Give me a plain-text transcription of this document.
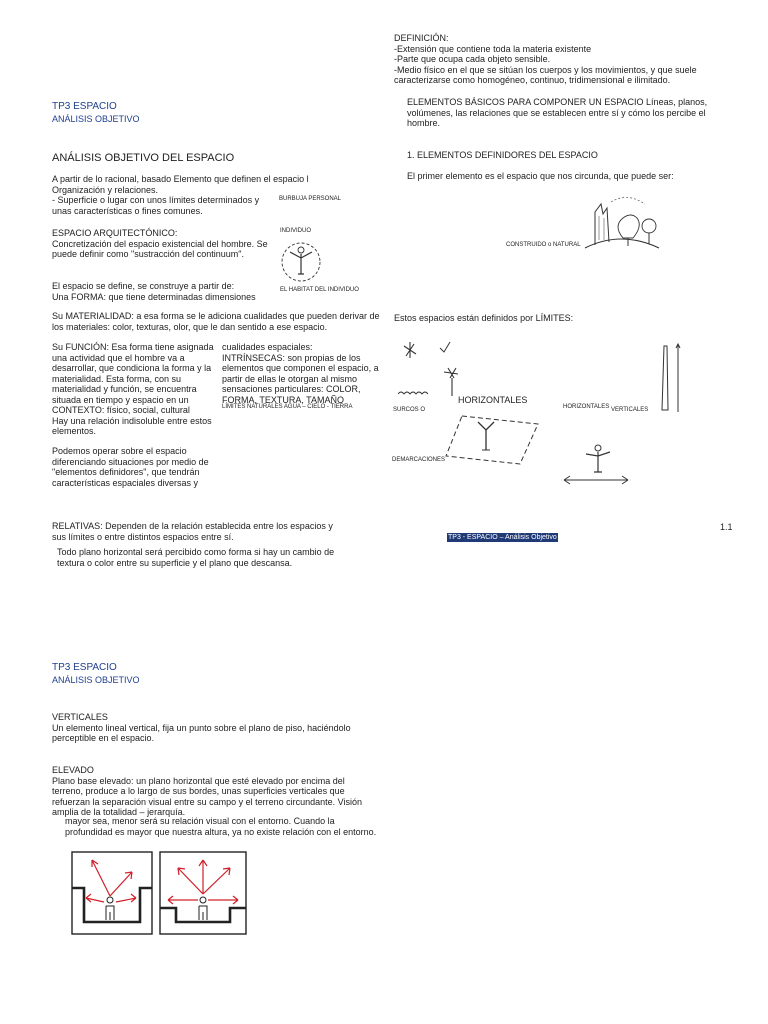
DEFINICIÓN:
-Extensión que contiene toda la materia existente
-Parte que ocupa cada objeto sensible.
-Medio físico en el que se sitúan los cuerpos y los movimientos, y que suele
caracterizarse como homogéneo, continuo, tridimensional e ilimitado.
TP3 ESPACIO
ANÁLISIS OBJETIVO
ANÁLISIS OBJETIVO DEL ESPACIO
A partir de lo racional, basado Elemento que definen el espacio l
Organización y relaciones.
- Superficie o lugar con unos límites determinados y
unas características o fines comunes.
BURBUJA PERSONAL
ESPACIO ARQUITECTÓNICO:
Concretización del espacio existencial del hombre. Se
puede definir como "sustracción del continuum".
INDIVIDUO
EL HABITAT DEL INDIVIDUO
El espacio se define, se construye a partir de:
Una FORMA: que tiene determinadas dimensiones
Su MATERIALIDAD: a esa forma se le adiciona cualidades que pueden derivar de
los materiales: color, texturas, olor, que le dan sentido a ese espacio.
Su FUNCIÓN: Esa forma tiene asignada
una actividad que el hombre va a
desarrollar, que condiciona la forma y la
materialidad. Esta forma, con su
materialidad y función, se encuentra
situada en tiempo y espacio en un
CONTEXTO: físico, social, cultural
Hay una relación indisoluble entre estos
elementos.
cualidades espaciales:
INTRÍNSECAS: son propias de los
elementos que componen el espacio, a
partir de ellas le otorgan al mismo
sensaciones particulares: COLOR,
FORMA, TEXTURA, TAMAÑO
LÍMITES NATURALES AGUA – CIELO - TIERRA
Podemos operar sobre el espacio
diferenciando situaciones por medio de
"elementos definidores", que tendrán
características espaciales diversas y
RELATIVAS: Dependen de la relación establecida entre los espacios y
sus límites o entre distintos espacios entre sí.
Todo plano horizontal será percibido como forma si hay un cambio de
textura o color entre su superficie y el plano que descansa.
ELEMENTOS BÁSICOS PARA COMPONER UN ESPACIO Líneas, planos,
volúmenes, las relaciones que se establecen entre sí y cómo los percibe el
hombre.
1. ELEMENTOS DEFINIDORES DEL ESPACIO
El primer elemento es el espacio que nos circunda, que puede ser:
CONSTRUIDO o NATURAL
Estos espacios están definidos por LÍMITES:
SURCOS O
HORIZONTALES
DEMARCACIONES
HORIZONTALES VERTICALES
1.1
TP3 - ESPACIO – Análisis Objetivo
TP3 ESPACIO
ANÁLISIS OBJETIVO
VERTICALES
Un elemento lineal vertical, fija un punto sobre el plano de piso, haciéndolo
perceptible en el espacio.
ELEVADO
Plano base elevado: un plano horizontal que esté elevado por encima del
terreno, produce a lo largo de sus bordes, unas superficies verticales que
refuerzan la separación visual entre su campo y el terreno circundante. Visión
amplia de la totalidad – jerarquía.
mayor sea, menor será su relación visual con el entorno. Cuando la
profundidad es mayor que nuestra altura, ya no existe relación con el entorno.
